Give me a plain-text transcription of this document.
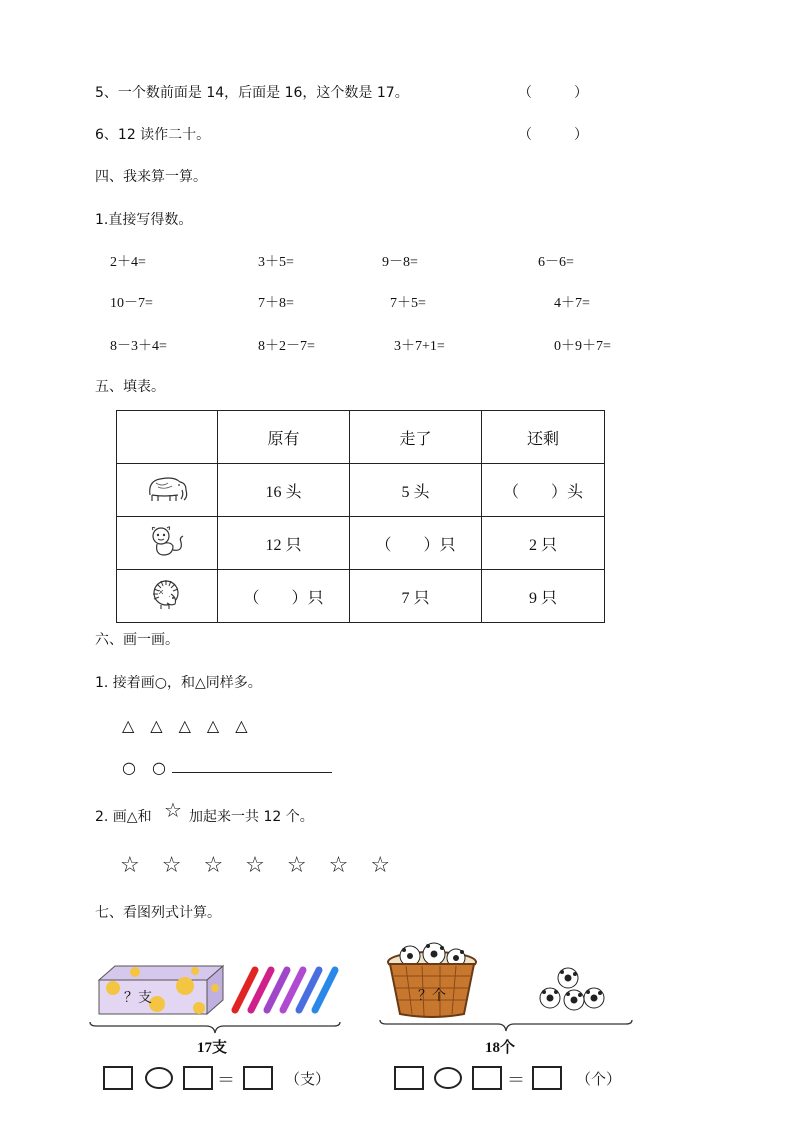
5、一个数前面是 14，后面是 16，这个数是 17。	（　　　）
6、12 读作二十。	（　　　）
四、我来算一算。
1.直接写得数。
2＋4=	3＋5=	9－8=	6－6=
10－7=	7＋8=	7＋5=	4＋7=
8－3＋4=	8＋2－7=	3＋7+1=	0＋9＋7=
五、填表。
	原有	走了	还剩
	16 头	5 头	（　　）头
	12 只	（　　）只	2 只
	（　　）只	7 只	9 只
六、画一画。
1. 接着画○，和△同样多。
△　△　△　△　△
○　○
2. 画△和 ☆ 加起来一共 12 个。
☆　☆　☆　☆　☆　☆　☆
七、看图列式计算。
？支
17支
＝	（支）
？个
18个
＝	（个）
